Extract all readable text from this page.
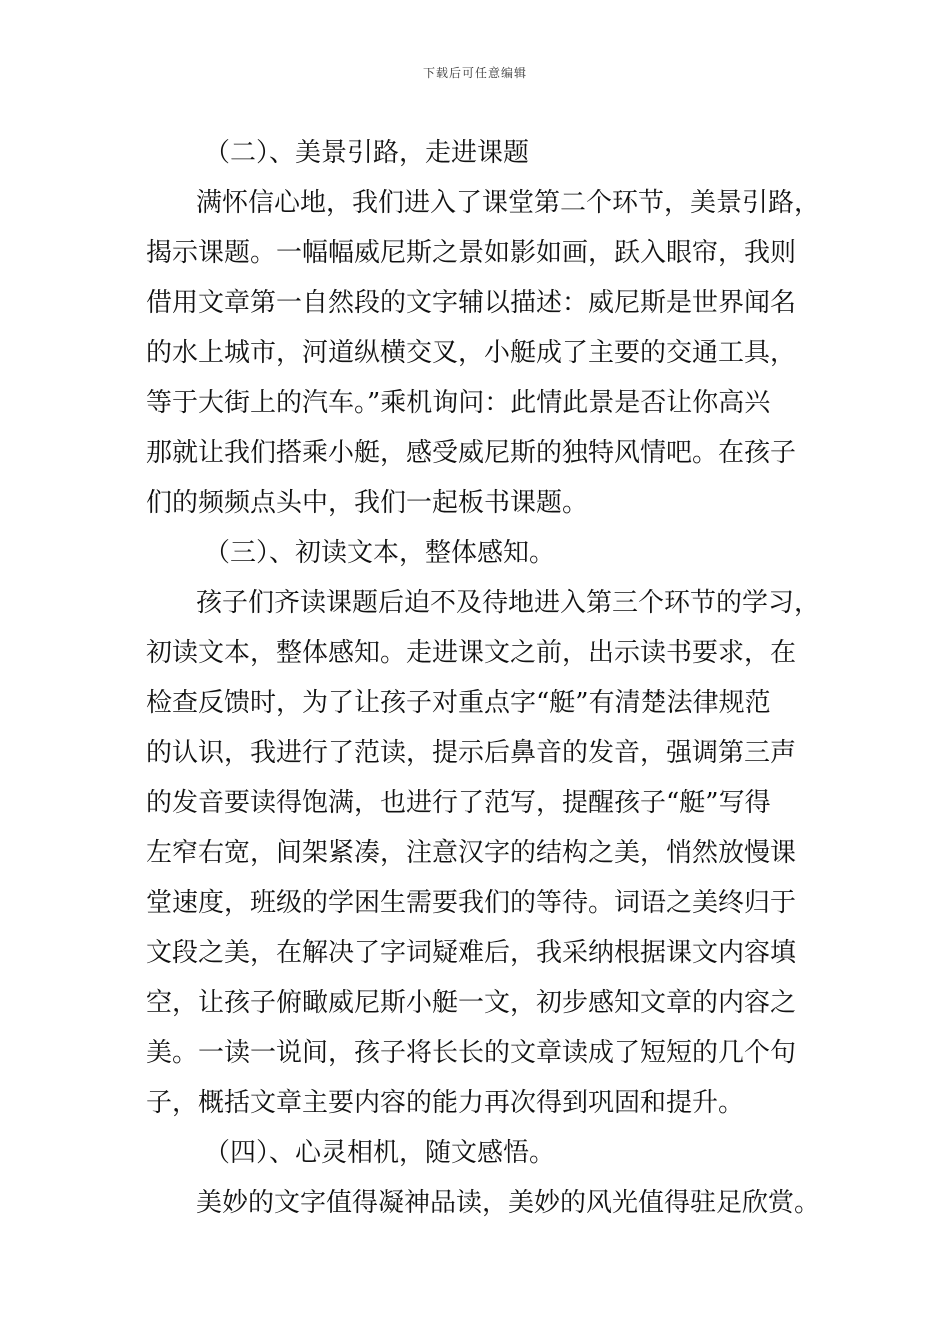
下载后可任意编辑
（二）、美景引路，走进课题
满怀信心地，我们进入了课堂第二个环节，美景引路，
揭示课题。一幅幅威尼斯之景如影如画，跃入眼帘，我则
借用文章第一自然段的文字辅以描述：威尼斯是世界闻名
的水上城市，河道纵横交叉，小艇成了主要的交通工具，
等于大街上的汽车。”乘机询问：此情此景是否让你高兴
那就让我们搭乘小艇，感受威尼斯的独特风情吧。在孩子
们的频频点头中，我们一起板书课题。
（三）、初读文本，整体感知。
孩子们齐读课题后迫不及待地进入第三个环节的学习，
初读文本，整体感知。走进课文之前，出示读书要求，在
检查反馈时，为了让孩子对重点字“艇”有清楚法律规范
的认识，我进行了范读，提示后鼻音的发音，强调第三声
的发音要读得饱满，也进行了范写，提醒孩子“艇”写得
左窄右宽，间架紧凑，注意汉字的结构之美，悄然放慢课
堂速度，班级的学困生需要我们的等待。词语之美终归于
文段之美，在解决了字词疑难后，我采纳根据课文内容填
空，让孩子俯瞰威尼斯小艇一文，初步感知文章的内容之
美。一读一说间，孩子将长长的文章读成了短短的几个句
子，概括文章主要内容的能力再次得到巩固和提升。
（四）、心灵相机，随文感悟。
美妙的文字值得凝神品读，美妙的风光值得驻足欣赏。
